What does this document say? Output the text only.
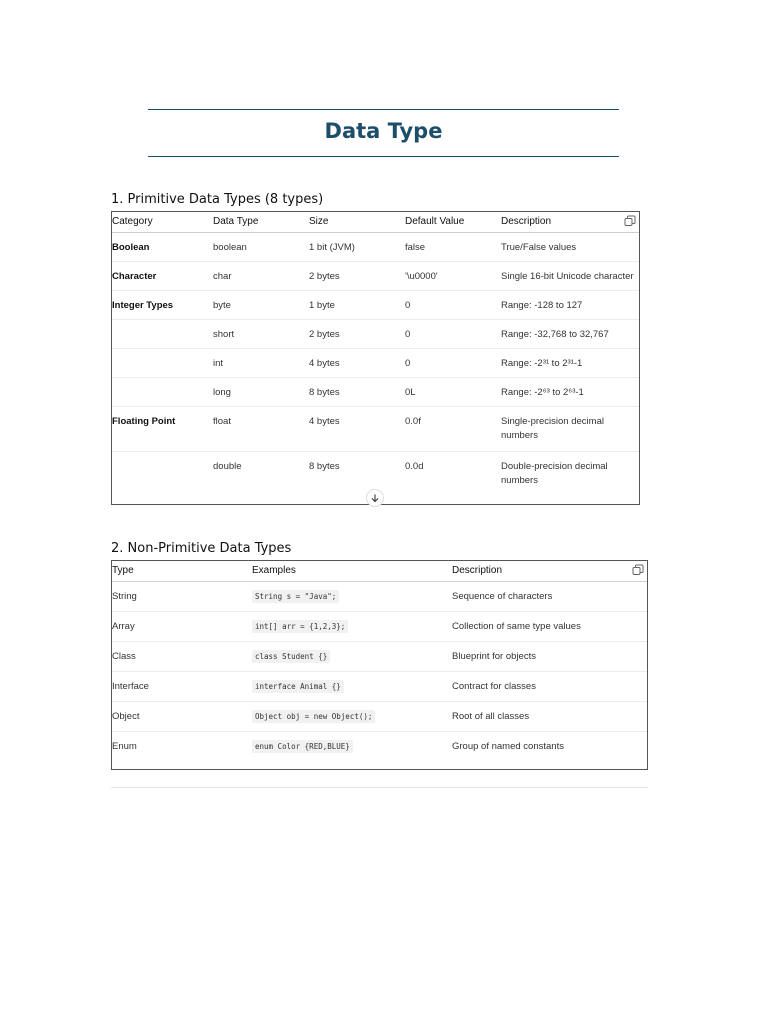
Data Type
1. Primitive Data Types (8 types)
Category	Data Type	Size	Default Value	Description
Boolean	boolean	1 bit (JVM)	false	True/False values
Character	char	2 bytes	'\u0000'	Single 16-bit Unicode character
Integer Types	byte	1 byte	0	Range: -128 to 127
	short	2 bytes	0	Range: -32,768 to 32,767
	int	4 bytes	0	Range: -2³¹ to 2³¹-1
	long	8 bytes	0L	Range: -2⁶³ to 2⁶³-1
Floating Point	float	4 bytes	0.0f	Single-precision decimal numbers
	double	8 bytes	0.0d	Double-precision decimal numbers
2. Non-Primitive Data Types
Type	Examples	Description
String	String s = "Java";	Sequence of characters
Array	int[] arr = {1,2,3};	Collection of same type values
Class	class Student {}	Blueprint for objects
Interface	interface Animal {}	Contract for classes
Object	Object obj = new Object();	Root of all classes
Enum	enum Color {RED,BLUE}	Group of named constants
